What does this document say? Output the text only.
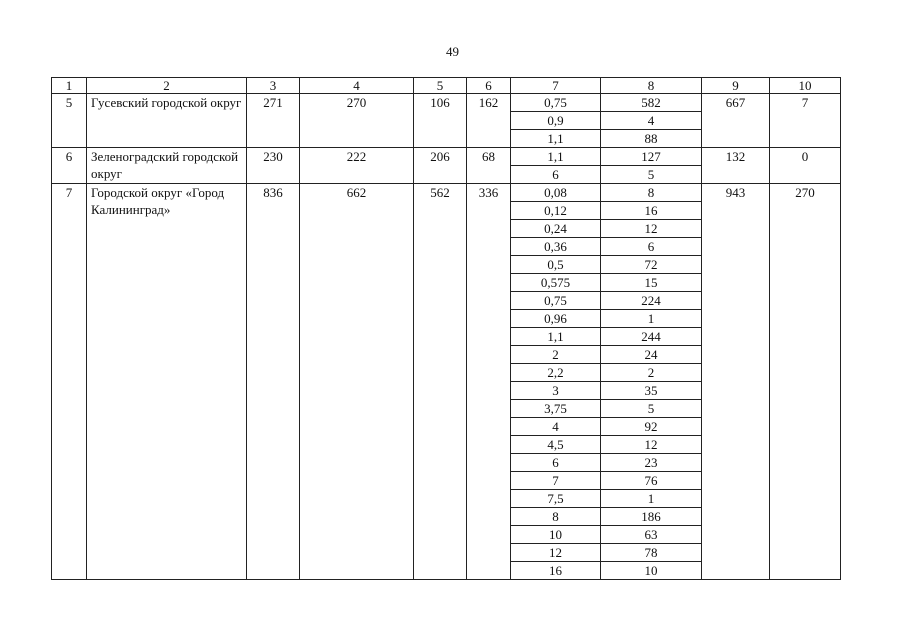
49
1	2	3	4	5	6	7	8	9	10
5	Гусевский городской округ	271	270	106	162	0,75	582	667	7
						0,9	4		
						1,1	88		
6	Зеленоградский городской округ	230	222	206	68	1,1	127	132	0
						6	5		
7	Городской округ «Город Калининград»	836	662	562	336	0,08	8	943	270
						0,12	16		
						0,24	12		
						0,36	6		
						0,5	72		
						0,575	15		
						0,75	224		
						0,96	1		
						1,1	244		
						2	24		
						2,2	2		
						3	35		
						3,75	5		
						4	92		
						4,5	12		
						6	23		
						7	76		
						7,5	1		
						8	186		
						10	63		
						12	78		
						16	10		
